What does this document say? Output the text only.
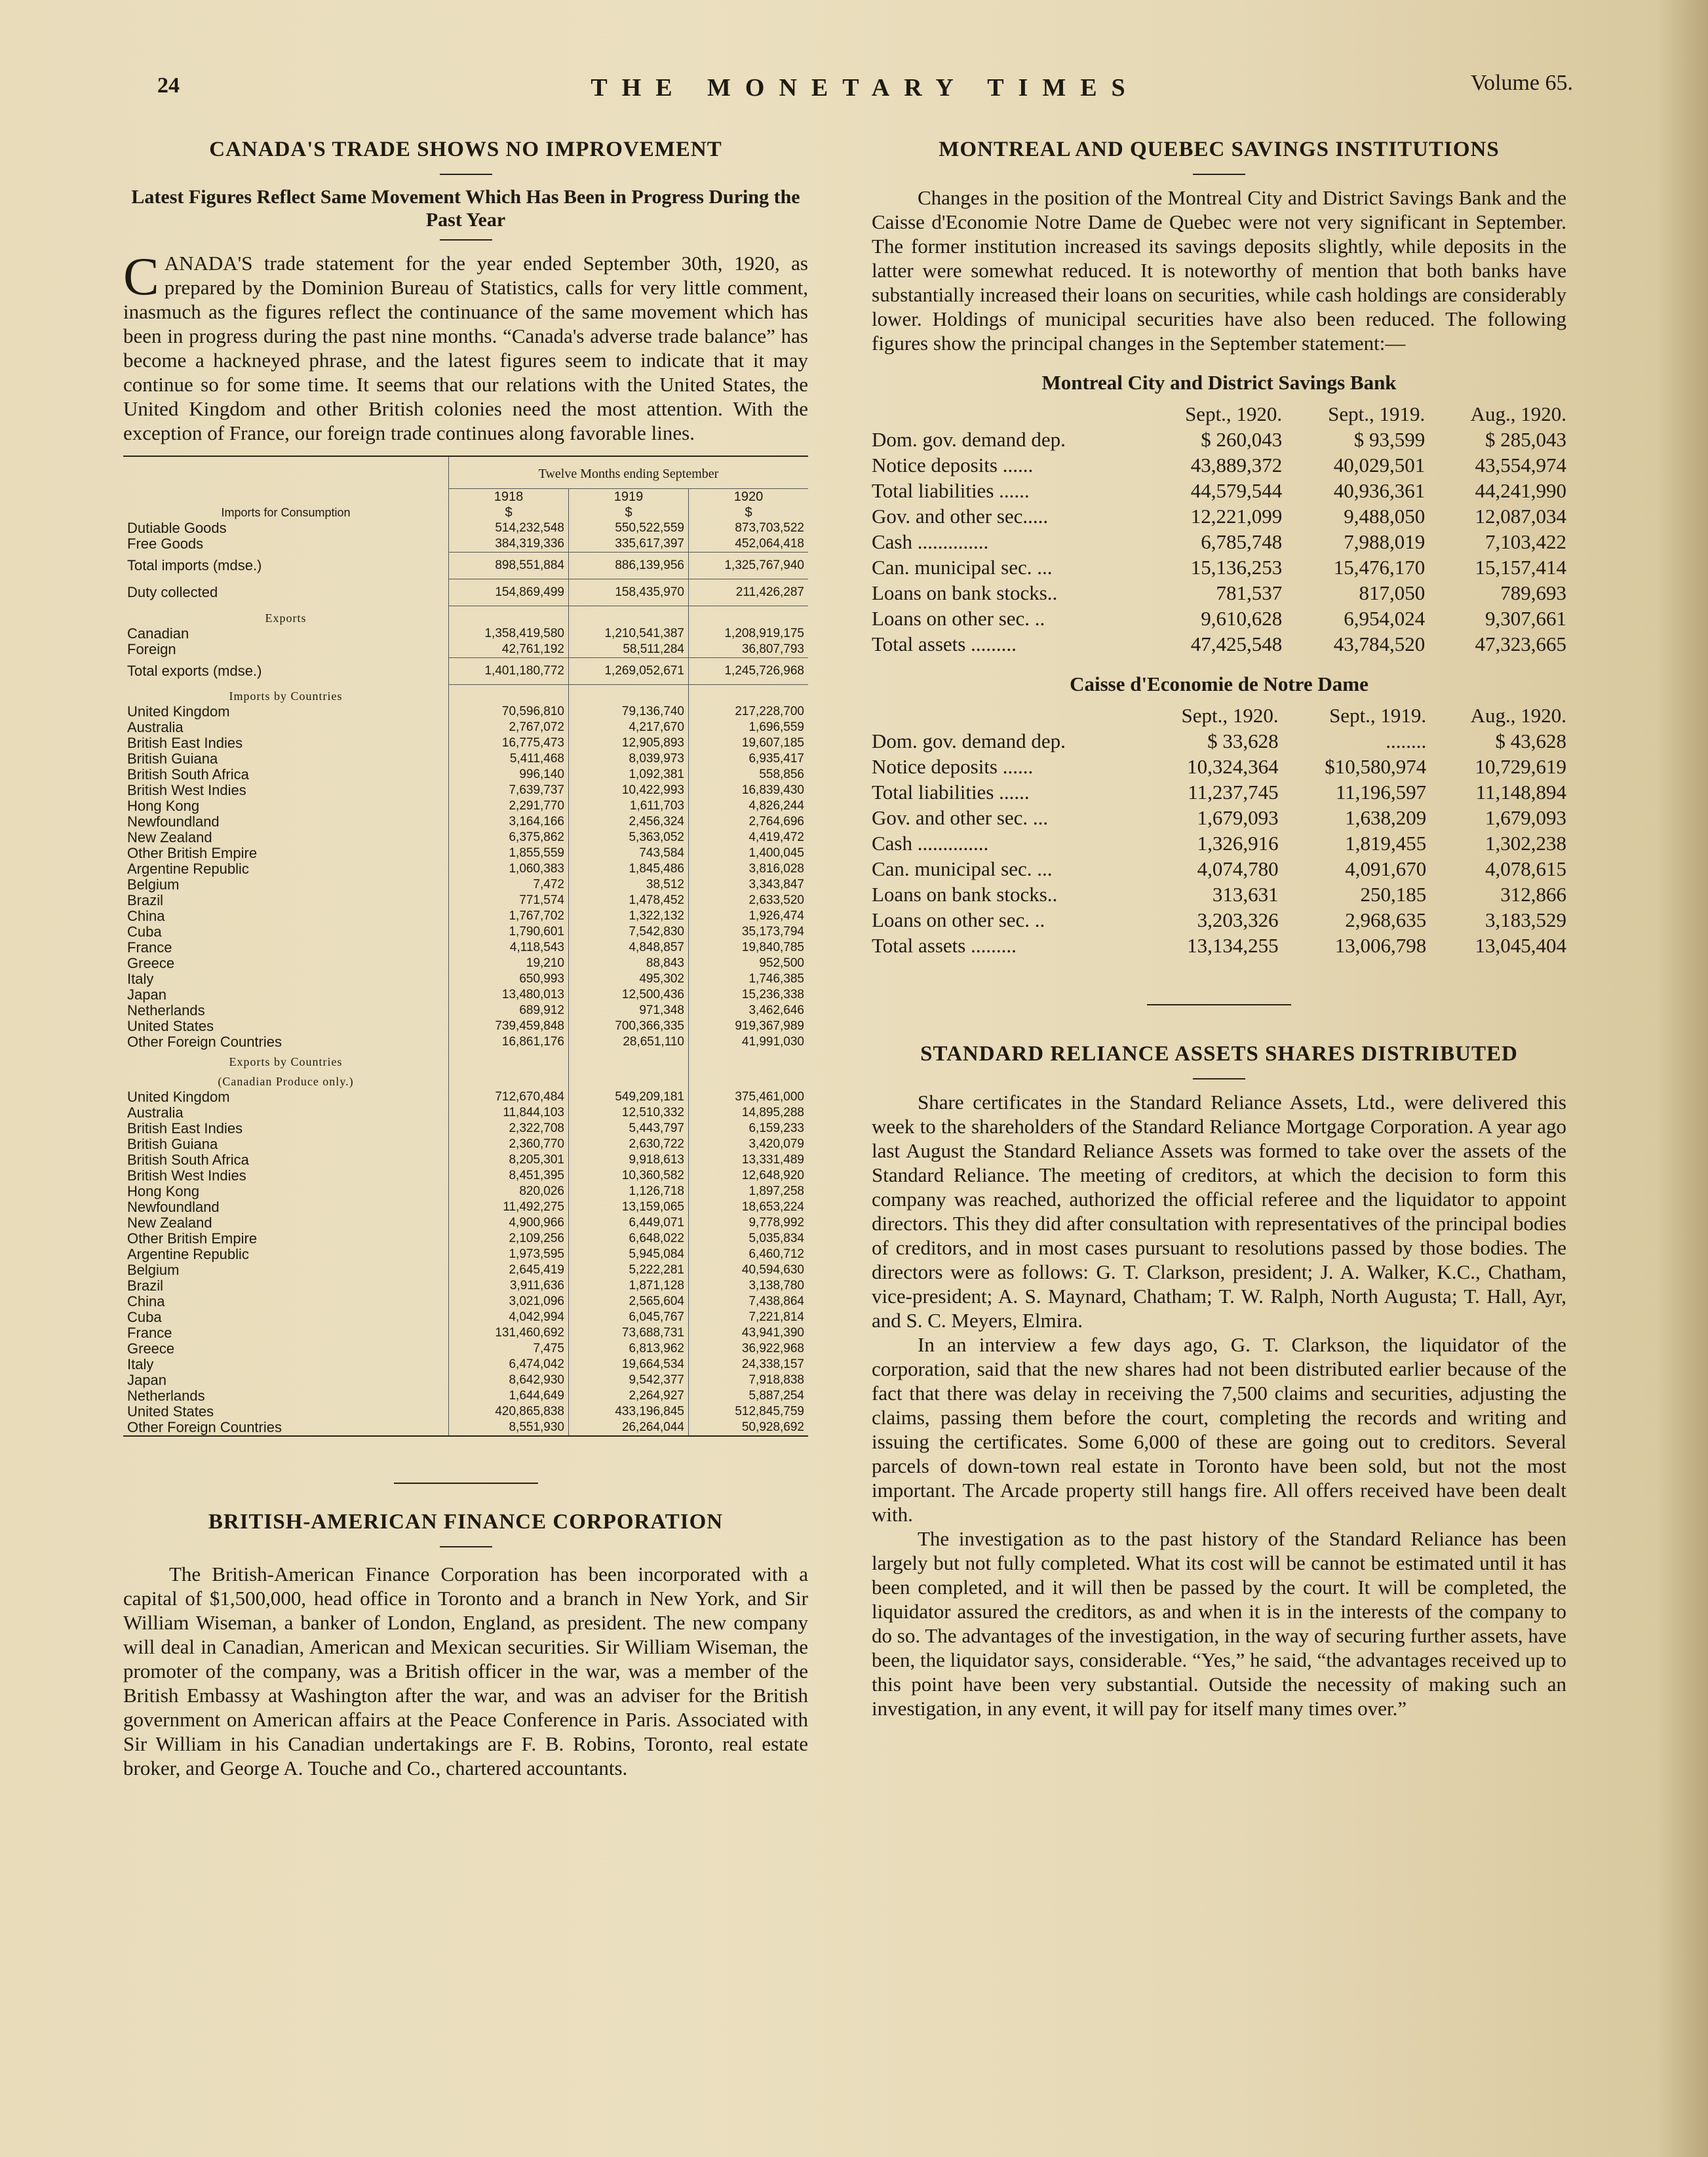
24	THE MONETARY TIMES	Volume 65.
CANADA'S TRADE SHOWS NO IMPROVEMENT
Latest Figures Reflect Same Movement Which Has Been in Progress During the Past Year

CANADA'S trade statement for the year ended September 30th, 1920, as prepared by the Dominion Bureau of Statistics, calls for very little comment, inasmuch as the figures reflect the continuance of the same movement which has been in progress during the past nine months. “Canada's adverse trade balance” has become a hackneyed phrase, and the latest figures seem to indicate that it may continue so for some time. It seems that our relations with the United States, the United Kingdom and other British colonies need the most attention. With the exception of France, our foreign trade continues along favorable lines.

	Twelve Months ending September		
Imports for Consumption	1918	1919	1920
	$	$	$
Dutiable Goods	514,232,548	550,522,559	873,703,522
Free Goods	384,319,336	335,617,397	452,064,418
Total imports (mdse.)	898,551,884	886,139,956	1,325,767,940
Duty collected	154,869,499	158,435,970	211,426,287
Exports			
Canadian	1,358,419,580	1,210,541,387	1,208,919,175
Foreign	42,761,192	58,511,284	36,807,793
Total exports (mdse.)	1,401,180,772	1,269,052,671	1,245,726,968
Imports by Countries			
United Kingdom	70,596,810	79,136,740	217,228,700
Australia	2,767,072	4,217,670	1,696,559
British East Indies	16,775,473	12,905,893	19,607,185
British Guiana	5,411,468	8,039,973	6,935,417
British South Africa	996,140	1,092,381	558,856
British West Indies	7,639,737	10,422,993	16,839,430
Hong Kong	2,291,770	1,611,703	4,826,244
Newfoundland	3,164,166	2,456,324	2,764,696
New Zealand	6,375,862	5,363,052	4,419,472
Other British Empire	1,855,559	743,584	1,400,045
Argentine Republic	1,060,383	1,845,486	3,816,028
Belgium	7,472	38,512	3,343,847
Brazil	771,574	1,478,452	2,633,520
China	1,767,702	1,322,132	1,926,474
Cuba	1,790,601	7,542,830	35,173,794
France	4,118,543	4,848,857	19,840,785
Greece	19,210	88,843	952,500
Italy	650,993	495,302	1,746,385
Japan	13,480,013	12,500,436	15,236,338
Netherlands	689,912	971,348	3,462,646
United States	739,459,848	700,366,335	919,367,989
Other Foreign Countries	16,861,176	28,651,110	41,991,030
Exports by Countries			
(Canadian Produce only.)			
United Kingdom	712,670,484	549,209,181	375,461,000
Australia	11,844,103	12,510,332	14,895,288
British East Indies	2,322,708	5,443,797	6,159,233
British Guiana	2,360,770	2,630,722	3,420,079
British South Africa	8,205,301	9,918,613	13,331,489
British West Indies	8,451,395	10,360,582	12,648,920
Hong Kong	820,026	1,126,718	1,897,258
Newfoundland	11,492,275	13,159,065	18,653,224
New Zealand	4,900,966	6,449,071	9,778,992
Other British Empire	2,109,256	6,648,022	5,035,834
Argentine Republic	1,973,595	5,945,084	6,460,712
Belgium	2,645,419	5,222,281	40,594,630
Brazil	3,911,636	1,871,128	3,138,780
China	3,021,096	2,565,604	7,438,864
Cuba	4,042,994	6,045,767	7,221,814
France	131,460,692	73,688,731	43,941,390
Greece	7,475	6,813,962	36,922,968
Italy	6,474,042	19,664,534	24,338,157
Japan	8,642,930	9,542,377	7,918,838
Netherlands	1,644,649	2,264,927	5,887,254
United States	420,865,838	433,196,845	512,845,759
Other Foreign Countries	8,551,930	26,264,044	50,928,692
BRITISH-AMERICAN FINANCE CORPORATION

The British-American Finance Corporation has been incorporated with a capital of $1,500,000, head office in Toronto and a branch in New York, and Sir William Wiseman, a banker of London, England, as president. The new company will deal in Canadian, American and Mexican securities. Sir William Wiseman, the promoter of the company, was a British officer in the war, was a member of the British Embassy at Washington after the war, and was an adviser for the British government on American affairs at the Peace Conference in Paris. Associated with Sir William in his Canadian undertakings are F. B. Robins, Toronto, real estate broker, and George A. Touche and Co., chartered accountants.

MONTREAL AND QUEBEC SAVINGS INSTITUTIONS

Changes in the position of the Montreal City and District Savings Bank and the Caisse d'Economie Notre Dame de Quebec were not very significant in September. The former institution increased its savings deposits slightly, while deposits in the latter were somewhat reduced. It is noteworthy of mention that both banks have substantially increased their loans on securities, while cash holdings are considerably lower. Holdings of municipal securities have also been reduced. The following figures show the principal changes in the September statement:—

Montreal City and District Savings Bank
	Sept., 1920.	Sept., 1919.	Aug., 1920.
Dom. gov. demand dep.	$ 260,043	$ 93,599	$ 285,043
Notice deposits ......	43,889,372	40,029,501	43,554,974
Total liabilities ......	44,579,544	40,936,361	44,241,990
Gov. and other sec.....	12,221,099	9,488,050	12,087,034
Cash ..............	6,785,748	7,988,019	7,103,422
Can. municipal sec. ...	15,136,253	15,476,170	15,157,414
Loans on bank stocks..	781,537	817,050	789,693
Loans on other sec. ..	9,610,628	6,954,024	9,307,661
Total assets .........	47,425,548	43,784,520	47,323,665
Caisse d'Economie de Notre Dame
	Sept., 1920.	Sept., 1919.	Aug., 1920.
Dom. gov. demand dep.	$ 33,628	........	$ 43,628
Notice deposits ......	10,324,364	$10,580,974	10,729,619
Total liabilities ......	11,237,745	11,196,597	11,148,894
Gov. and other sec. ...	1,679,093	1,638,209	1,679,093
Cash ..............	1,326,916	1,819,455	1,302,238
Can. municipal sec. ...	4,074,780	4,091,670	4,078,615
Loans on bank stocks..	313,631	250,185	312,866
Loans on other sec. ..	3,203,326	2,968,635	3,183,529
Total assets .........	13,134,255	13,006,798	13,045,404
STANDARD RELIANCE ASSETS SHARES DISTRIBUTED

Share certificates in the Standard Reliance Assets, Ltd., were delivered this week to the shareholders of the Standard Reliance Mortgage Corporation. A year ago last August the Standard Reliance Assets was formed to take over the assets of the Standard Reliance. The meeting of creditors, at which the decision to form this company was reached, authorized the official referee and the liquidator to appoint directors. This they did after consultation with representatives of the principal bodies of creditors, and in most cases pursuant to resolutions passed by those bodies. The directors were as follows: G. T. Clarkson, president; J. A. Walker, K.C., Chatham, vice-president; A. S. Maynard, Chatham; T. W. Ralph, North Augusta; T. Hall, Ayr, and S. C. Meyers, Elmira.

In an interview a few days ago, G. T. Clarkson, the liquidator of the corporation, said that the new shares had not been distributed earlier because of the fact that there was delay in receiving the 7,500 claims and securities, adjusting the claims, passing them before the court, completing the records and writing and issuing the certificates. Some 6,000 of these are going out to creditors. Several parcels of down-town real estate in Toronto have been sold, but not the most important. The Arcade property still hangs fire. All offers received have been dealt with.

The investigation as to the past history of the Standard Reliance has been largely but not fully completed. What its cost will be cannot be estimated until it has been completed, and it will then be passed by the court. It will be completed, the liquidator assured the creditors, as and when it is in the interests of the company to do so. The advantages of the investigation, in the way of securing further assets, have been, the liquidator says, considerable. “Yes,” he said, “the advantages received up to this point have been very substantial. Outside the necessity of making such an investigation, in any event, it will pay for itself many times over.”
